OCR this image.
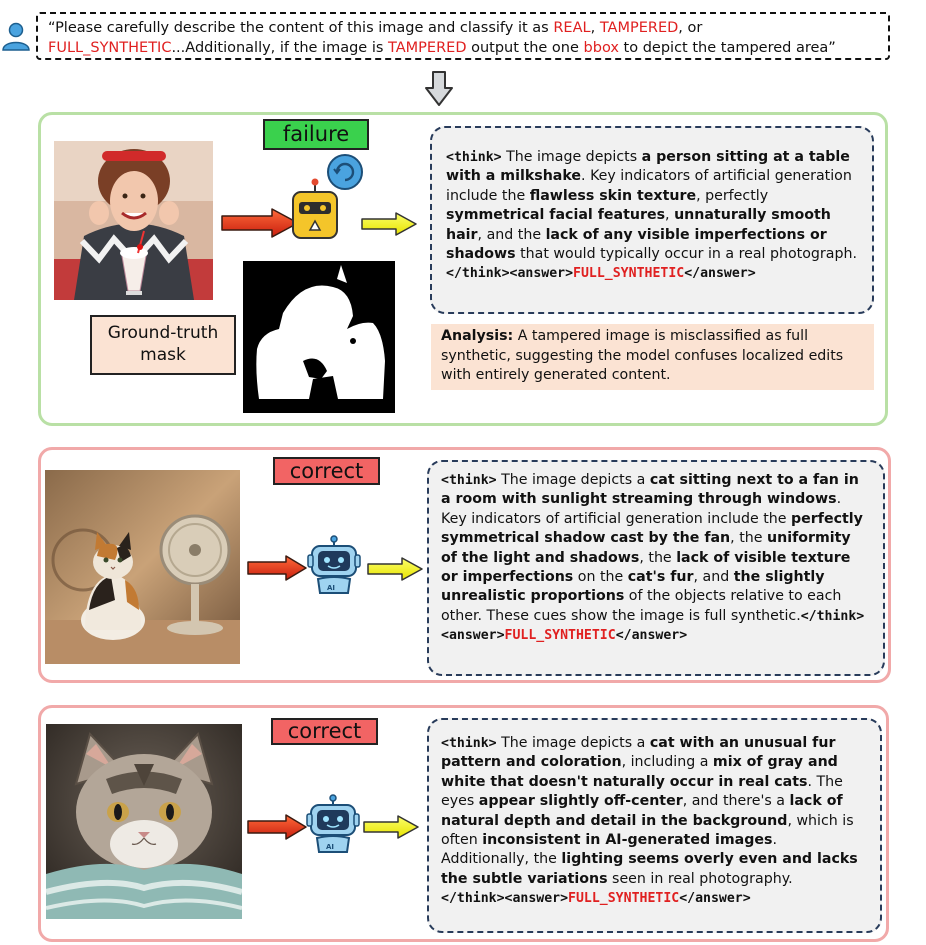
“Please carefully describe the content of this image and classify it as REAL, TAMPERED, or
FULL_SYNTHETIC...Additionally, if the image is TAMPERED output the one bbox to depict the tampered area”
failure
Ground-truth mask
<think> The image depicts a person sitting at a table with a milkshake. Key indicators of artificial generation include the flawless skin texture, perfectly symmetrical facial features, unnaturally smooth hair, and the lack of any visible imperfections or shadows that would typically occur in a real photograph.
</think><answer>FULL_SYNTHETIC</answer>
Analysis: A tampered image is misclassified as full synthetic, suggesting the model confuses localized edits with entirely generated content.
correct
AI
<think> The image depicts a cat sitting next to a fan in a room with sunlight streaming through windows. Key indicators of artificial generation include the perfectly symmetrical shadow cast by the fan, the uniformity of the light and shadows, the lack of visible texture or imperfections on the cat's fur, and the slightly unrealistic proportions of the objects relative to each other. These cues show the image is full synthetic.</think><answer>FULL_SYNTHETIC</answer>
correct
AI
<think> The image depicts a cat with an unusual fur pattern and coloration, including a mix of gray and white that doesn't naturally occur in real cats. The eyes appear slightly off-center, and there's a lack of natural depth and detail in the background, which is often inconsistent in AI-generated images. Additionally, the lighting seems overly even and lacks the subtle variations seen in real photography.
</think><answer>FULL_SYNTHETIC</answer>
